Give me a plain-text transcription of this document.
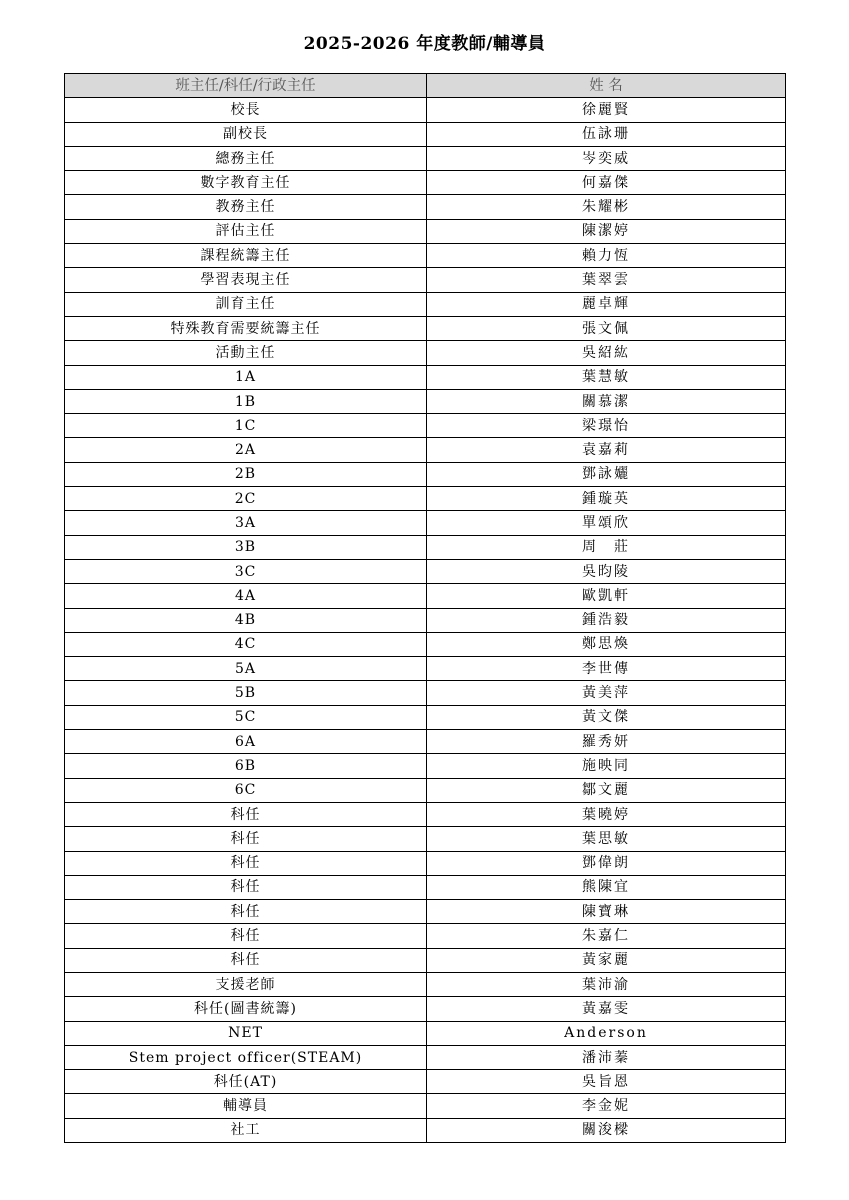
2025-2026 年度教師/輔導員
班主任/科任/行政主任	姓 名
校長	徐麗賢
副校長	伍詠珊
總務主任	岑奕威
數字教育主任	何嘉傑
教務主任	朱耀彬
評估主任	陳潔婷
課程統籌主任	賴力恆
學習表現主任	葉翠雲
訓育主任	麗卓輝
特殊教育需要統籌主任	張文佩
活動主任	吳紹紘
1A	葉慧敏
1B	關慕潔
1C	梁璟怡
2A	袁嘉莉
2B	鄧詠孋
2C	鍾璇英
3A	單頌欣
3B	周　莊
3C	吳昀陵
4A	歐凱軒
4B	鍾浩毅
4C	鄭思煥
5A	李世傳
5B	黃美萍
5C	黃文傑
6A	羅秀妍
6B	施映同
6C	鄒文麗
科任	葉曉婷
科任	葉思敏
科任	鄧偉朗
科任	熊陳宜
科任	陳寶琳
科任	朱嘉仁
科任	黃家麗
支援老師	葉沛渝
科任(圖書統籌)	黃嘉雯
NET	Anderson
Stem project officer(STEAM)	潘沛蓁
科任(AT)	吳旨恩
輔導員	李金妮
社工	關浚樑
